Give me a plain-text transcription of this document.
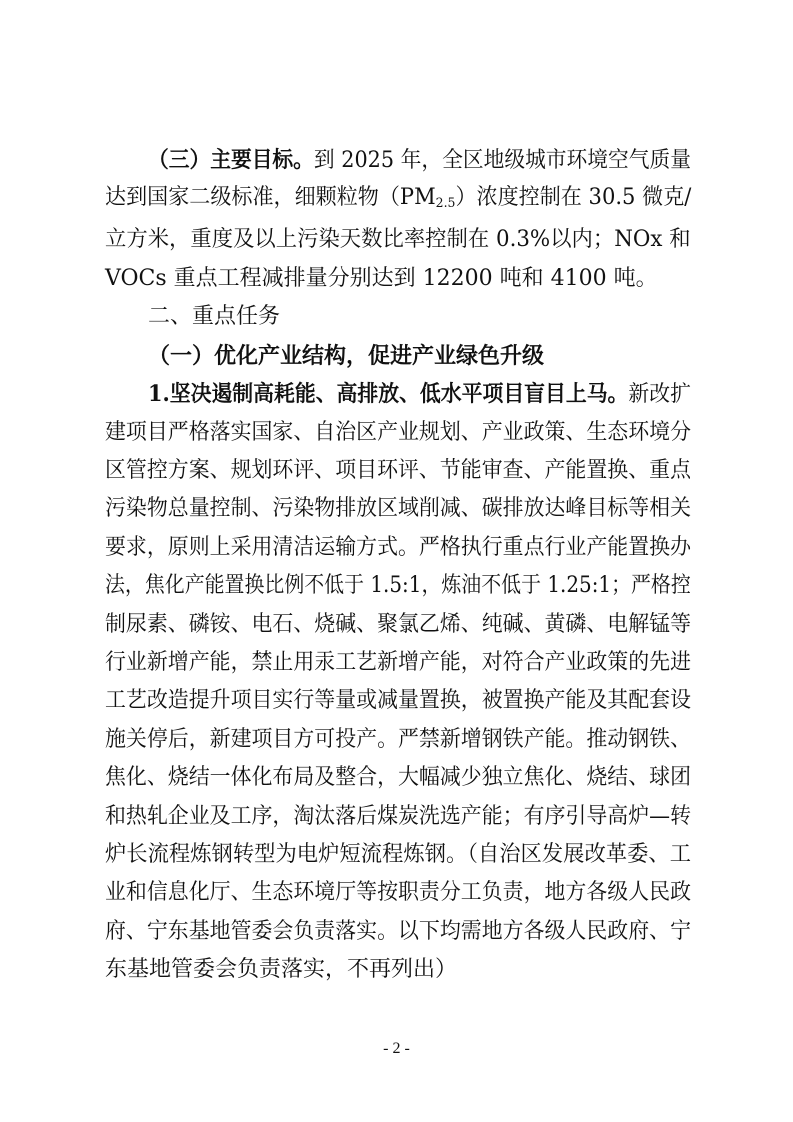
（三）主要目标。到 2025 年，全区地级城市环境空气质量
达到国家二级标准，细颗粒物$(PM_{2.5})$浓度控制在 30.5 微克/
立方米，重度及以上污染天数比率控制在 0.3%以内；NOx 和
VOCs 重点工程减排量分别达到 12200 吨和 4100 吨。
二、重点任务
（一）优化产业结构，促进产业绿色升级
1.坚决遏制高耗能、高排放、低水平项目盲目上马。新改扩
建项目严格落实国家、自治区产业规划、产业政策、生态环境分
区管控方案、规划环评、项目环评、节能审查、产能置换、重点
污染物总量控制、污染物排放区域削减、碳排放达峰目标等相关
要求，原则上采用清洁运输方式。严格执行重点行业产能置换办
法，焦化产能置换比例不低于 1.5:1，炼油不低于 1.25:1；严格控
制尿素、磷铵、电石、烧碱、聚氯乙烯、纯碱、黄磷、电解锰等
行业新增产能，禁止用汞工艺新增产能，对符合产业政策的先进
工艺改造提升项目实行等量或减量置换，被置换产能及其配套设
施关停后，新建项目方可投产。严禁新增钢铁产能。推动钢铁、
焦化、烧结一体化布局及整合，大幅减少独立焦化、烧结、球团
和热轧企业及工序，淘汰落后煤炭洗选产能；有序引导高炉—转
炉长流程炼钢转型为电炉短流程炼钢。（自治区发展改革委、工
业和信息化厅、生态环境厅等按职责分工负责，地方各级人民政
府、宁东基地管委会负责落实。以下均需地方各级人民政府、宁
东基地管委会负责落实，不再列出）
- 2 -
